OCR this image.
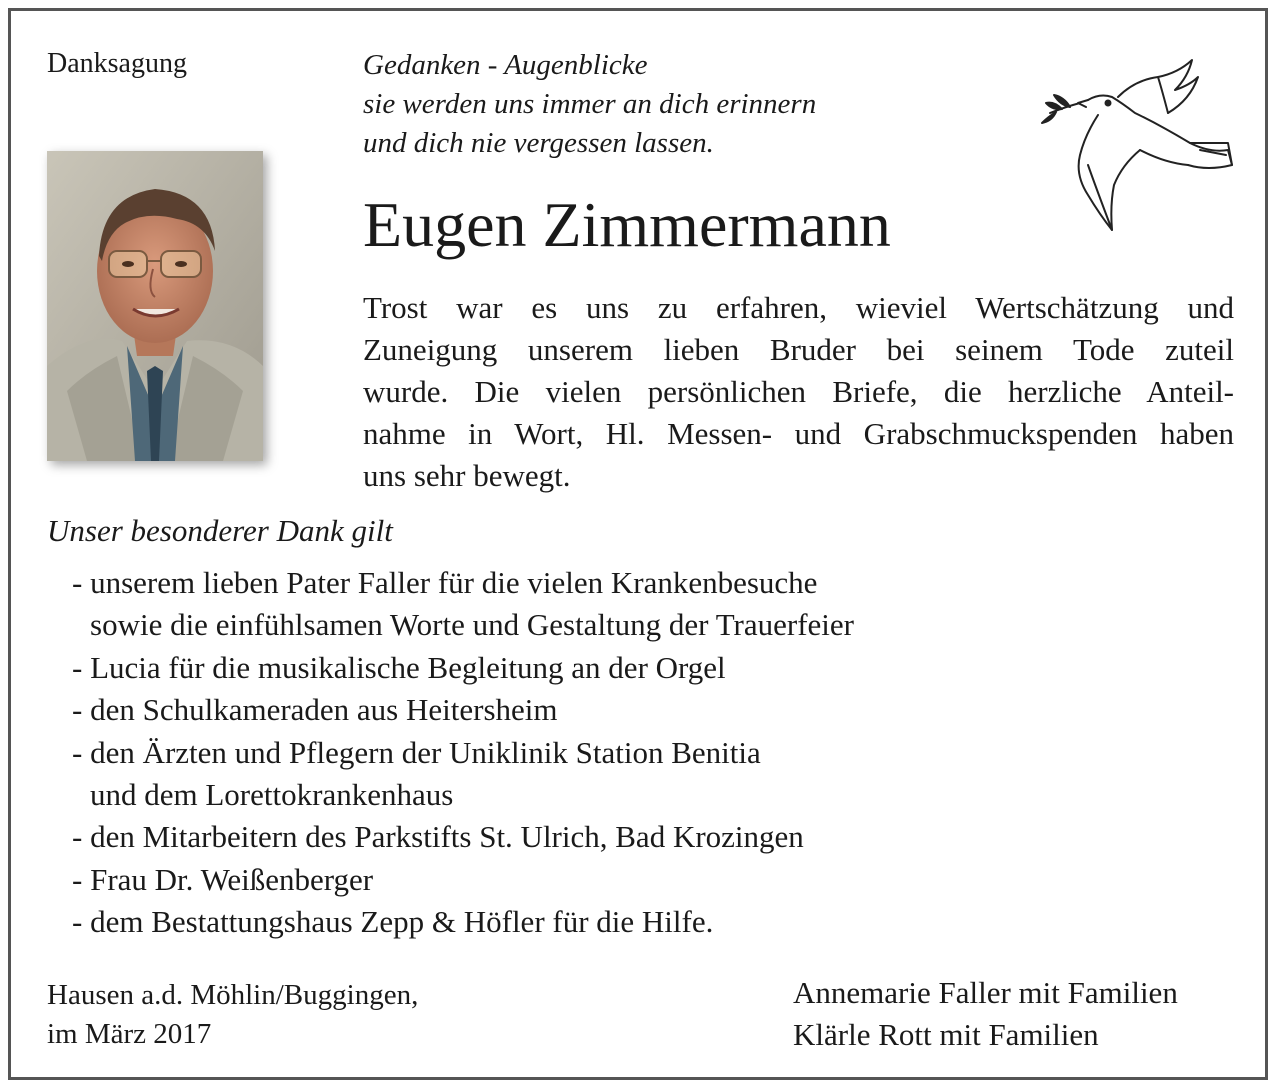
Danksagung	Gedanken - Augenblicke
sie werden uns immer an dich erinnern
und dich nie vergessen lassen.
Eugen Zimmermann
Trost war es uns zu erfahren, wieviel Wertschätzung und
Zuneigung unserem lieben Bruder bei seinem Tode zuteil
wurde. Die vielen persönlichen Briefe, die herzliche Anteil-
nahme in Wort, Hl. Messen- und Grabschmuckspenden haben
uns sehr bewegt.
Unser besonderer Dank gilt
- unserem lieben Pater Faller für die vielen Krankenbesuche
sowie die einfühlsamen Worte und Gestaltung der Trauerfeier
- Lucia für die musikalische Begleitung an der Orgel
- den Schulkameraden aus Heitersheim
- den Ärzten und Pflegern der Uniklinik Station Benitia
und dem Lorettokrankenhaus
- den Mitarbeitern des Parkstifts St. Ulrich, Bad Krozingen
- Frau Dr. Weißenberger
- dem Bestattungshaus Zepp & Höfler für die Hilfe.
Hausen a.d. Möhlin/Buggingen,
im März 2017
Annemarie Faller mit Familien
Klärle Rott mit Familien
